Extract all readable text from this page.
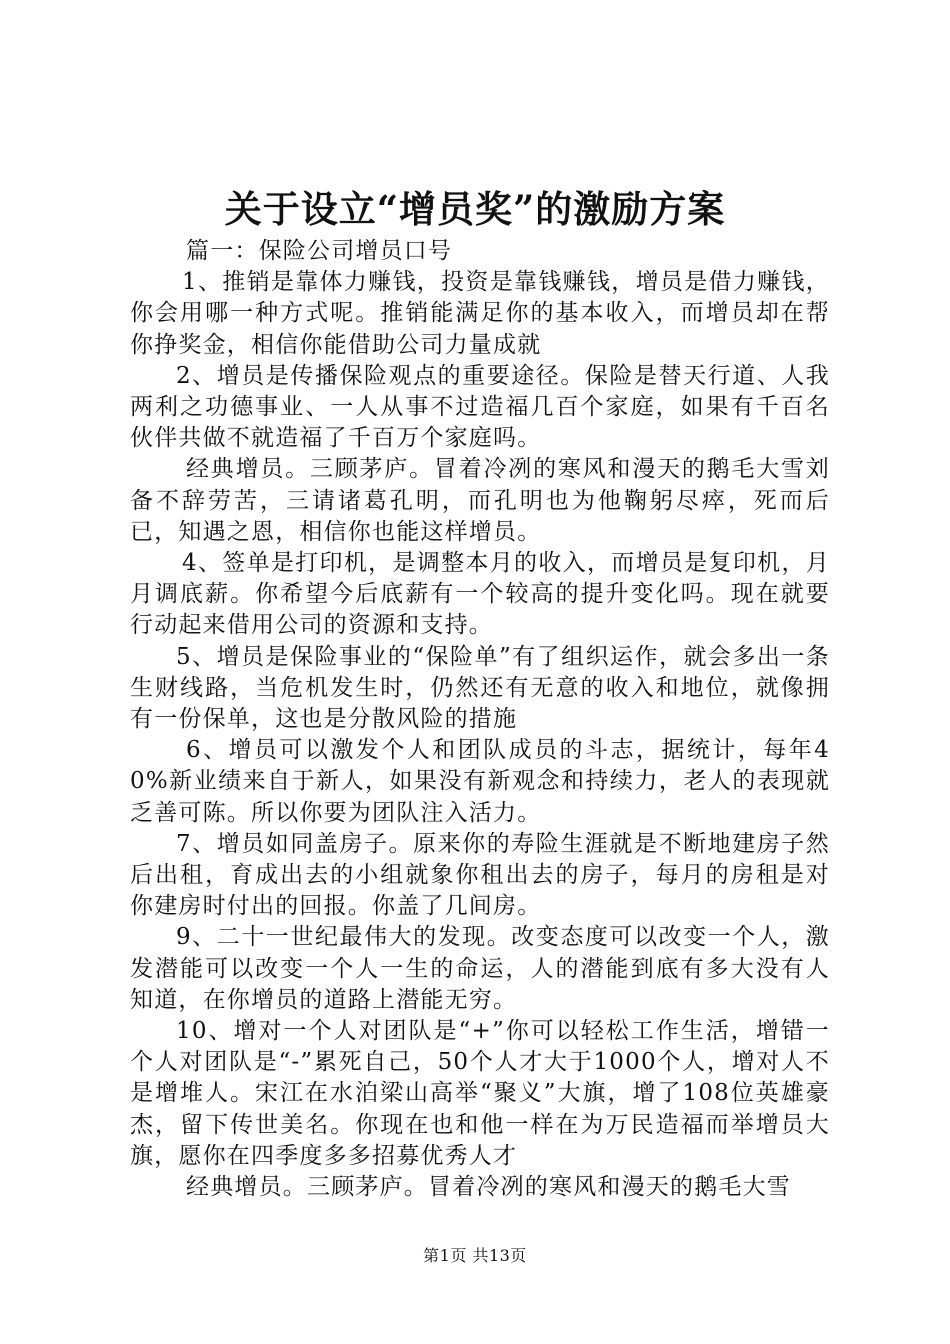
关于设立“增员奖”的激励方案

篇一：保险公司增员口号

1、推销是靠体力赚钱，投资是靠钱赚钱，增员是借力赚钱，你会用哪一种方式呢。推销能满足你的基本收入，而增员却在帮你挣奖金，相信你能借助公司力量成就

2、增员是传播保险观点的重要途径。保险是替天行道、人我两利之功德事业、一人从事不过造福几百个家庭，如果有千百名伙伴共做不就造福了千百万个家庭吗。

经典增员。三顾茅庐。冒着冷冽的寒风和漫天的鹅毛大雪刘备不辞劳苦，三请诸葛孔明，而孔明也为他鞠躬尽瘁，死而后已，知遇之恩，相信你也能这样增员。

4、签单是打印机，是调整本月的收入，而增员是复印机，月月调底薪。你希望今后底薪有一个较高的提升变化吗。现在就要行动起来借用公司的资源和支持。

5、增员是保险事业的“保险单”有了组织运作，就会多出一条生财线路，当危机发生时，仍然还有无意的收入和地位，就像拥有一份保单，这也是分散风险的措施

6、增员可以激发个人和团队成员的斗志，据统计，每年40%新业绩来自于新人，如果没有新观念和持续力，老人的表现就乏善可陈。所以你要为团队注入活力。

7、增员如同盖房子。原来你的寿险生涯就是不断地建房子然后出租，育成出去的小组就象你租出去的房子，每月的房租是对你建房时付出的回报。你盖了几间房。

9、二十一世纪最伟大的发现。改变态度可以改变一个人，激发潜能可以改变一个人一生的命运，人的潜能到底有多大没有人知道，在你增员的道路上潜能无穷。

10、增对一个人对团队是“+”你可以轻松工作生活，增错一个人对团队是“-”累死自己，50个人才大于1000个人，增对人不是增堆人。宋江在水泊梁山高举“聚义”大旗，增了108位英雄豪杰，留下传世美名。你现在也和他一样在为万民造福而举增员大旗，愿你在四季度多多招募优秀人才

经典增员。三顾茅庐。冒着冷冽的寒风和漫天的鹅毛大雪

第1页 共13页
